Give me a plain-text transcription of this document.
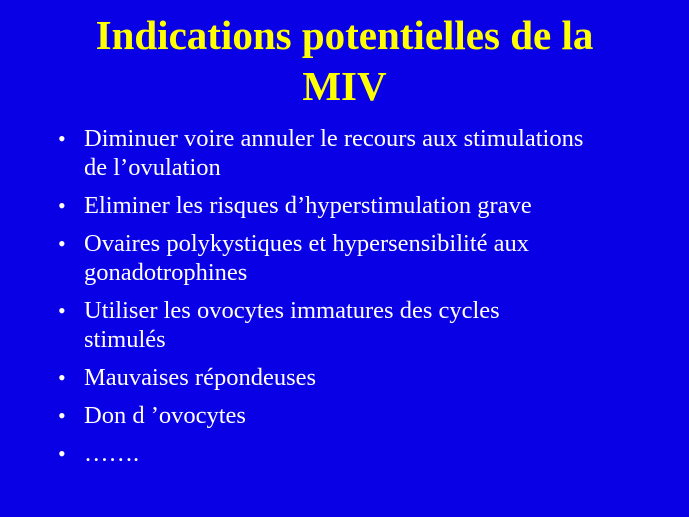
Indications potentielles de la
MIV
• Diminuer voire annuler le recours aux stimulations
de l’ovulation
• Eliminer les risques d’hyperstimulation grave
• Ovaires polykystiques et hypersensibilité aux
gonadotrophines
• Utiliser les ovocytes immatures des cycles
stimulés
• Mauvaises répondeuses
• Don d ’ovocytes
• …….
